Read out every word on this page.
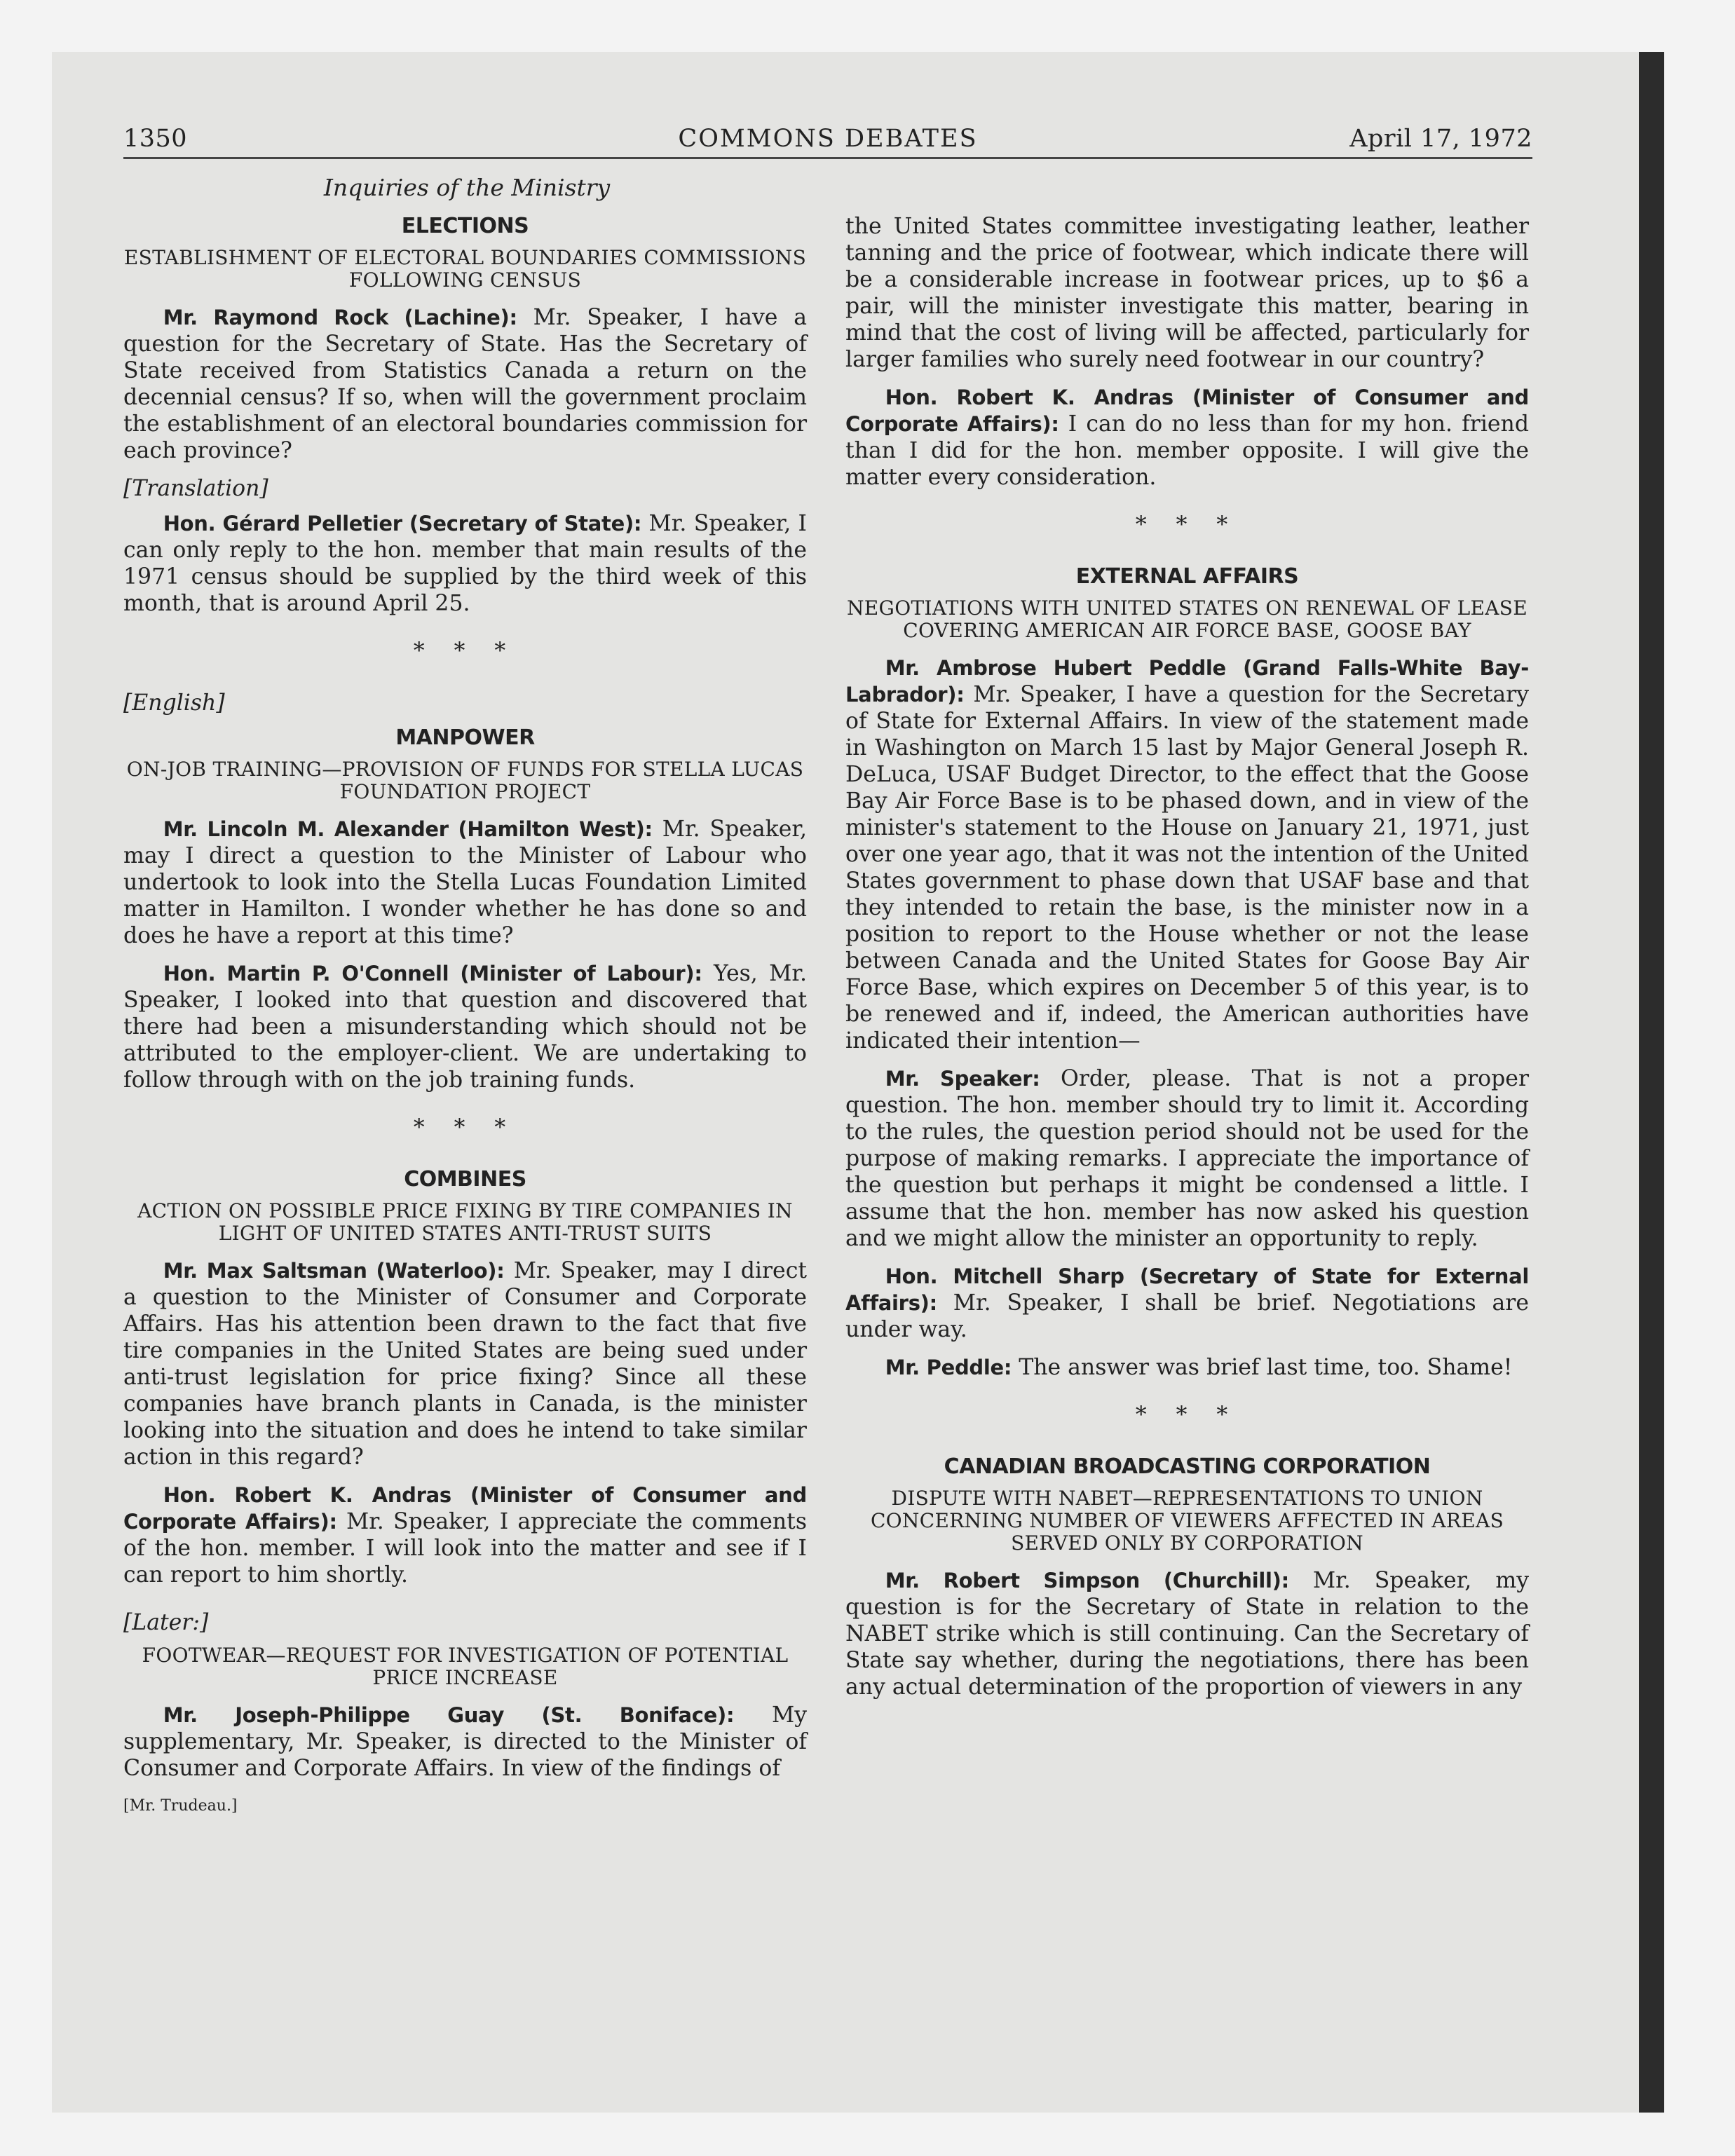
1350	COMMONS DEBATES	April 17, 1972
Inquiries of the Ministry
ELECTIONS
ESTABLISHMENT OF ELECTORAL BOUNDARIES COMMISSIONS FOLLOWING CENSUS

Mr. Raymond Rock (Lachine): Mr. Speaker, I have a question for the Secretary of State. Has the Secretary of State received from Statistics Canada a return on the decennial census? If so, when will the government proclaim the establishment of an electoral boundaries commission for each province?

[Translation]

Hon. Gérard Pelletier (Secretary of State): Mr. Speaker, I can only reply to the hon. member that main results of the 1971 census should be supplied by the third week of this month, that is around April 25.

* * *
[English]
MANPOWER
ON-JOB TRAINING—PROVISION OF FUNDS FOR STELLA LUCAS FOUNDATION PROJECT

Mr. Lincoln M. Alexander (Hamilton West): Mr. Speaker, may I direct a question to the Minister of Labour who undertook to look into the Stella Lucas Foundation Limited matter in Hamilton. I wonder whether he has done so and does he have a report at this time?

Hon. Martin P. O'Connell (Minister of Labour): Yes, Mr. Speaker, I looked into that question and discovered that there had been a misunderstanding which should not be attributed to the employer-client. We are undertaking to follow through with on the job training funds.

* * *
COMBINES
ACTION ON POSSIBLE PRICE FIXING BY TIRE COMPANIES IN LIGHT OF UNITED STATES ANTI-TRUST SUITS

Mr. Max Saltsman (Waterloo): Mr. Speaker, may I direct a question to the Minister of Consumer and Corporate Affairs. Has his attention been drawn to the fact that five tire companies in the United States are being sued under anti-trust legislation for price fixing? Since all these companies have branch plants in Canada, is the minister looking into the situation and does he intend to take similar action in this regard?

Hon. Robert K. Andras (Minister of Consumer and Corporate Affairs): Mr. Speaker, I appreciate the comments of the hon. member. I will look into the matter and see if I can report to him shortly.

[Later:]
FOOTWEAR—REQUEST FOR INVESTIGATION OF POTENTIAL PRICE INCREASE

Mr. Joseph-Philippe Guay (St. Boniface): My supplementary, Mr. Speaker, is directed to the Minister of Consumer and Corporate Affairs. In view of the findings of

[Mr. Trudeau.]

the United States committee investigating leather, leather tanning and the price of footwear, which indicate there will be a considerable increase in footwear prices, up to $6 a pair, will the minister investigate this matter, bearing in mind that the cost of living will be affected, particularly for larger families who surely need footwear in our country?

Hon. Robert K. Andras (Minister of Consumer and Corporate Affairs): I can do no less than for my hon. friend than I did for the hon. member opposite. I will give the matter every consideration.

* * *
EXTERNAL AFFAIRS
NEGOTIATIONS WITH UNITED STATES ON RENEWAL OF LEASE COVERING AMERICAN AIR FORCE BASE, GOOSE BAY

Mr. Ambrose Hubert Peddle (Grand Falls-White Bay-Labrador): Mr. Speaker, I have a question for the Secretary of State for External Affairs. In view of the statement made in Washington on March 15 last by Major General Joseph R. DeLuca, USAF Budget Director, to the effect that the Goose Bay Air Force Base is to be phased down, and in view of the minister's statement to the House on January 21, 1971, just over one year ago, that it was not the intention of the United States government to phase down that USAF base and that they intended to retain the base, is the minister now in a position to report to the House whether or not the lease between Canada and the United States for Goose Bay Air Force Base, which expires on December 5 of this year, is to be renewed and if, indeed, the American authorities have indicated their intention—

Mr. Speaker: Order, please. That is not a proper question. The hon. member should try to limit it. According to the rules, the question period should not be used for the purpose of making remarks. I appreciate the importance of the question but perhaps it might be condensed a little. I assume that the hon. member has now asked his question and we might allow the minister an opportunity to reply.

Hon. Mitchell Sharp (Secretary of State for External Affairs): Mr. Speaker, I shall be brief. Negotiations are under way.

Mr. Peddle: The answer was brief last time, too. Shame!

* * *
CANADIAN BROADCASTING CORPORATION
DISPUTE WITH NABET—REPRESENTATIONS TO UNION CONCERNING NUMBER OF VIEWERS AFFECTED IN AREAS SERVED ONLY BY CORPORATION

Mr. Robert Simpson (Churchill): Mr. Speaker, my question is for the Secretary of State in relation to the NABET strike which is still continuing. Can the Secretary of State say whether, during the negotiations, there has been any actual determination of the proportion of viewers in any
